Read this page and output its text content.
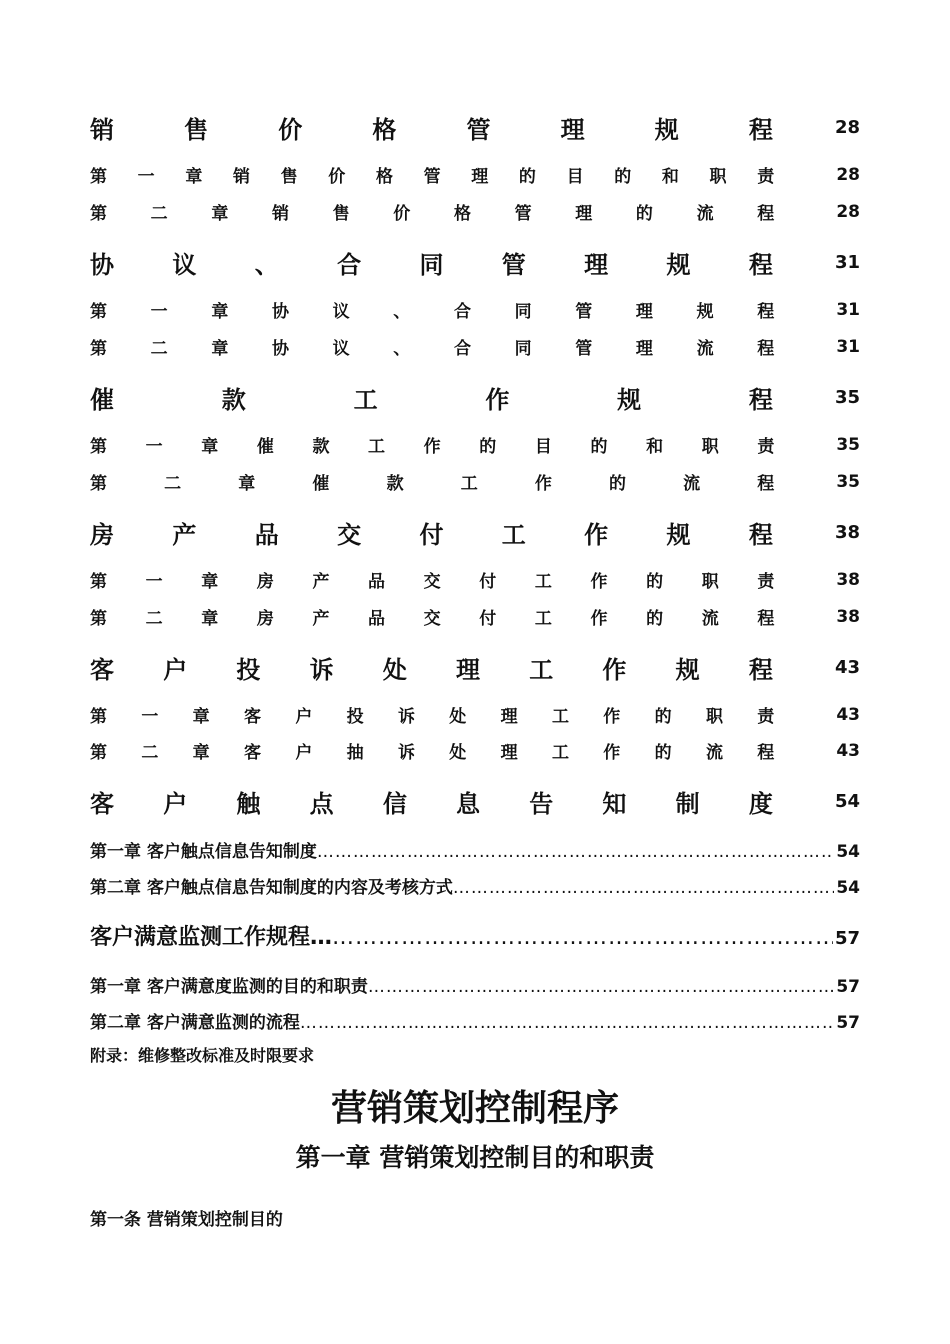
销	售	价	格	管	理	规	程	28
第 一 章 销 售 价 格 管 理 的 目 的 和 职 责	28
第	二	章	销	售	价	格	管	理	的	流	程	28
协 议 、 合 同 管 理 规 程	31
第	一	章	协	议	、	合	同	管	理	规	程	31
第	二	章	协	议	、	合	同	管	理	流	程	31
催	款	工	作	规	程	35
第 一 章 催 款 工 作 的 目 的 和 职 责	35
第	二	章	催	款	工	作	的	流	程	35
房 产 品 交 付 工 作 规 程	38
第 一 章 房 产 品 交 付 工 作 的 职 责	38
第 二 章 房 产 品 交 付 工 作 的 流 程	38
客 户 投 诉 处 理 工 作 规 程	43
第 一 章 客 户 投 诉 处 理 工 作 的 职 责	43
第 二 章 客 户 抽 诉 处 理 工 作 的 流 程	43
客 户 触 点 信 息 告 知 制 度	54
第一章 客户触点信息告知制度 …………………………………………………………………………………………………………………………………………………………………………………………	54
第二章 客户触点信息告知制度的内容及考核方式 …………………………………………………………………………………………………………………………………………………………………………………………	54
客户满意监测工作规程… …………………………………………………………………………………………………………………………………………………………………………………………	57
第一章 客户满意度监测的目的和职责 …………………………………………………………………………………………………………………………………………………………………………………………	57
第二章 客户满意监测的流程 …………………………………………………………………………………………………………………………………………………………………………………………	57
附录：维修整改标准及时限要求
营销策划控制程序
第一章 营销策划控制目的和职责
第一条 营销策划控制目的
